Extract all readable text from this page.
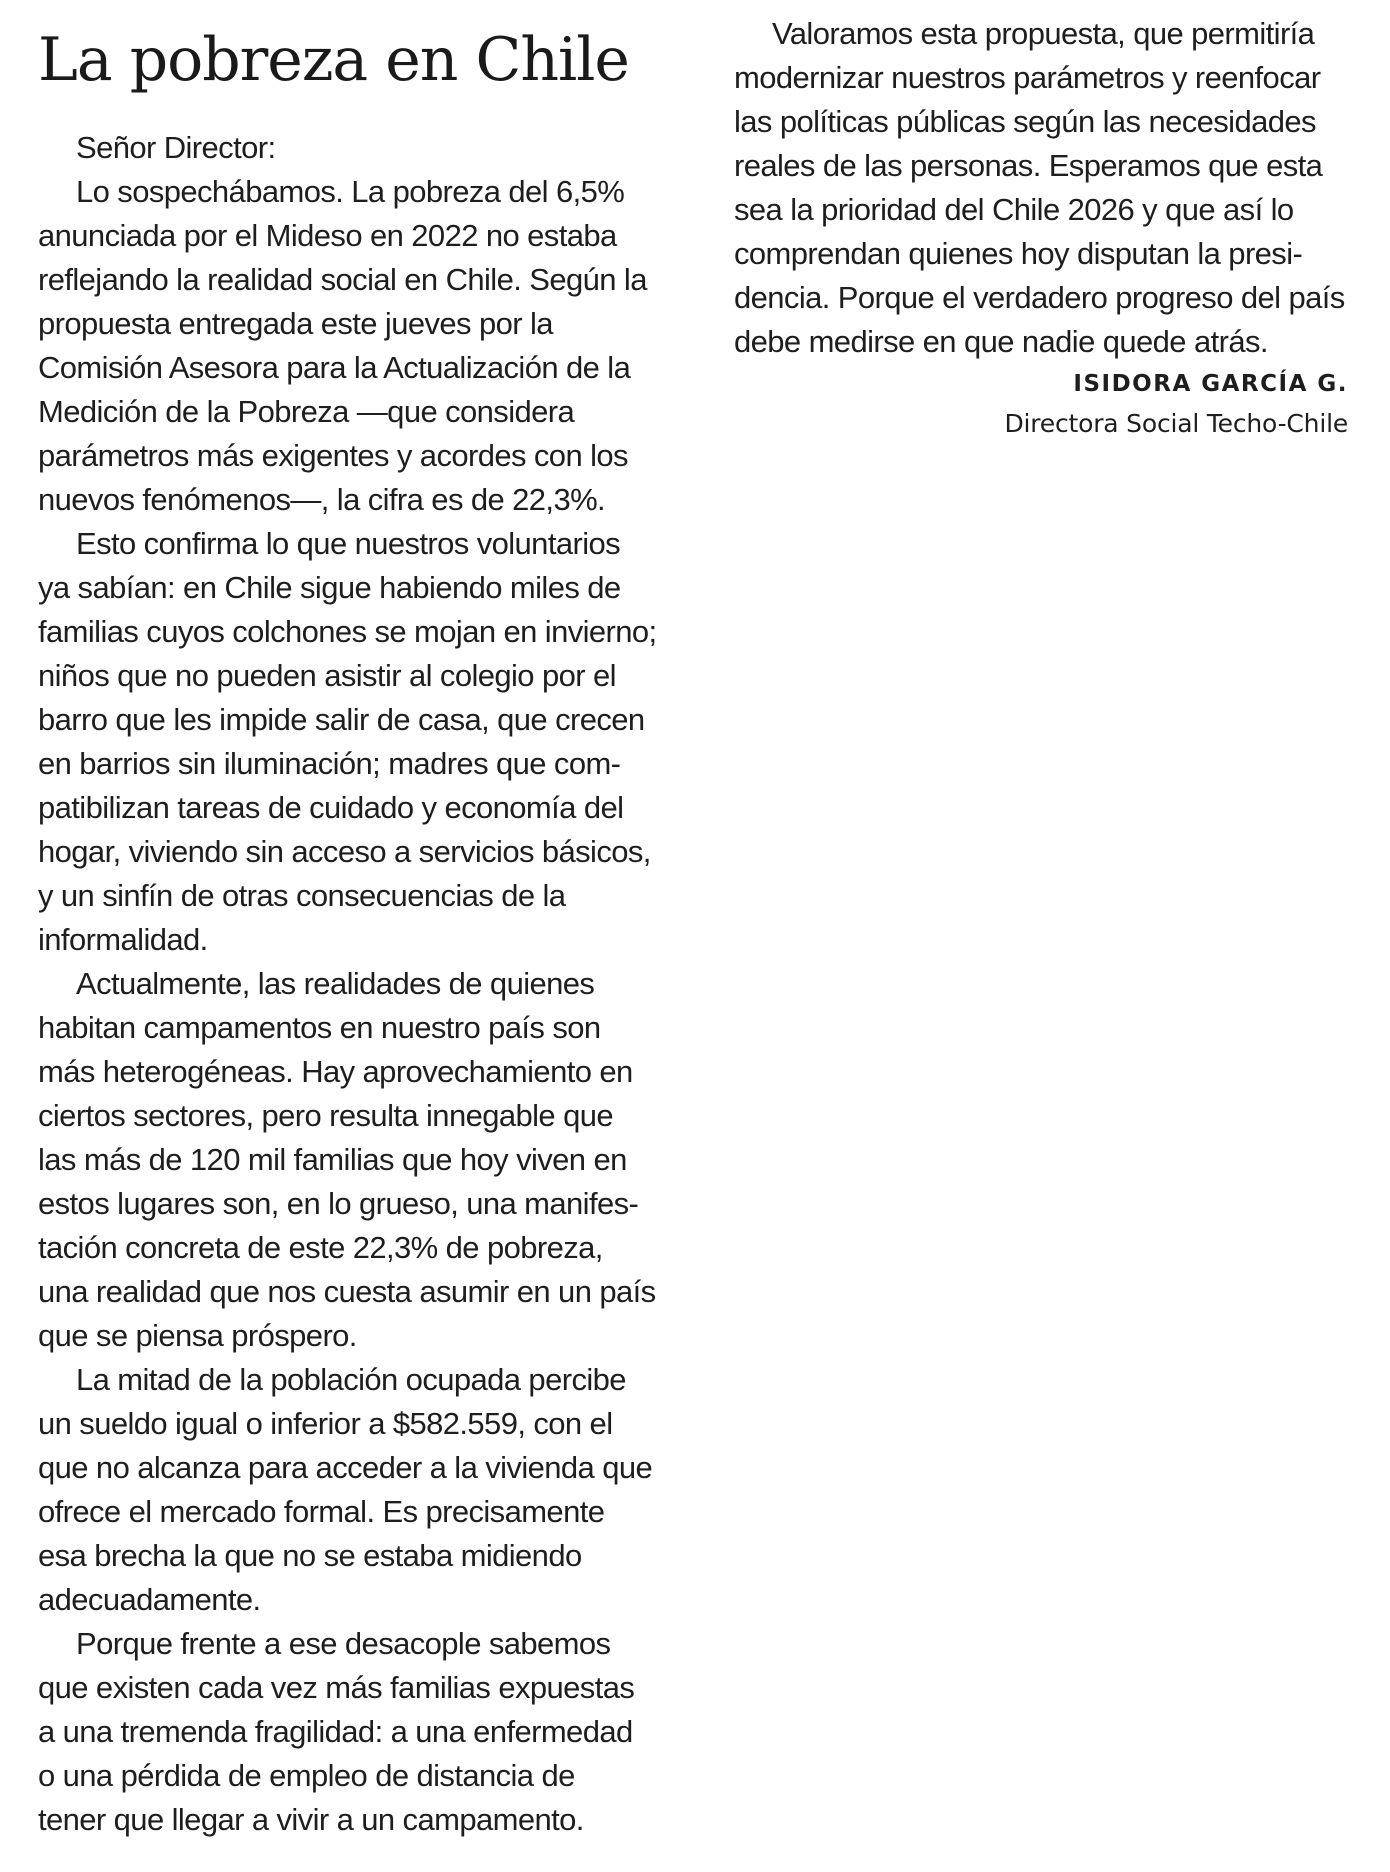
La pobreza en Chile
Señor Director:
Lo sospechábamos. La pobreza del 6,5%
anunciada por el Mideso en 2022 no estaba
reflejando la realidad social en Chile. Según la
propuesta entregada este jueves por la
Comisión Asesora para la Actualización de la
Medición de la Pobreza —que considera
parámetros más exigentes y acordes con los
nuevos fenómenos—, la cifra es de 22,3%.
Esto confirma lo que nuestros voluntarios
ya sabían: en Chile sigue habiendo miles de
familias cuyos colchones se mojan en invierno;
niños que no pueden asistir al colegio por el
barro que les impide salir de casa, que crecen
en barrios sin iluminación; madres que com-
patibilizan tareas de cuidado y economía del
hogar, viviendo sin acceso a servicios básicos,
y un sinfín de otras consecuencias de la
informalidad.
Actualmente, las realidades de quienes
habitan campamentos en nuestro país son
más heterogéneas. Hay aprovechamiento en
ciertos sectores, pero resulta innegable que
las más de 120 mil familias que hoy viven en
estos lugares son, en lo grueso, una manifes-
tación concreta de este 22,3% de pobreza,
una realidad que nos cuesta asumir en un país
que se piensa próspero.
La mitad de la población ocupada percibe
un sueldo igual o inferior a $582.559, con el
que no alcanza para acceder a la vivienda que
ofrece el mercado formal. Es precisamente
esa brecha la que no se estaba midiendo
adecuadamente.
Porque frente a ese desacople sabemos
que existen cada vez más familias expuestas
a una tremenda fragilidad: a una enfermedad
o una pérdida de empleo de distancia de
tener que llegar a vivir a un campamento.
Valoramos esta propuesta, que permitiría
modernizar nuestros parámetros y reenfocar
las políticas públicas según las necesidades
reales de las personas. Esperamos que esta
sea la prioridad del Chile 2026 y que así lo
comprendan quienes hoy disputan la presi-
dencia. Porque el verdadero progreso del país
debe medirse en que nadie quede atrás.
ISIDORA GARCÍA G.
Directora Social Techo-Chile
